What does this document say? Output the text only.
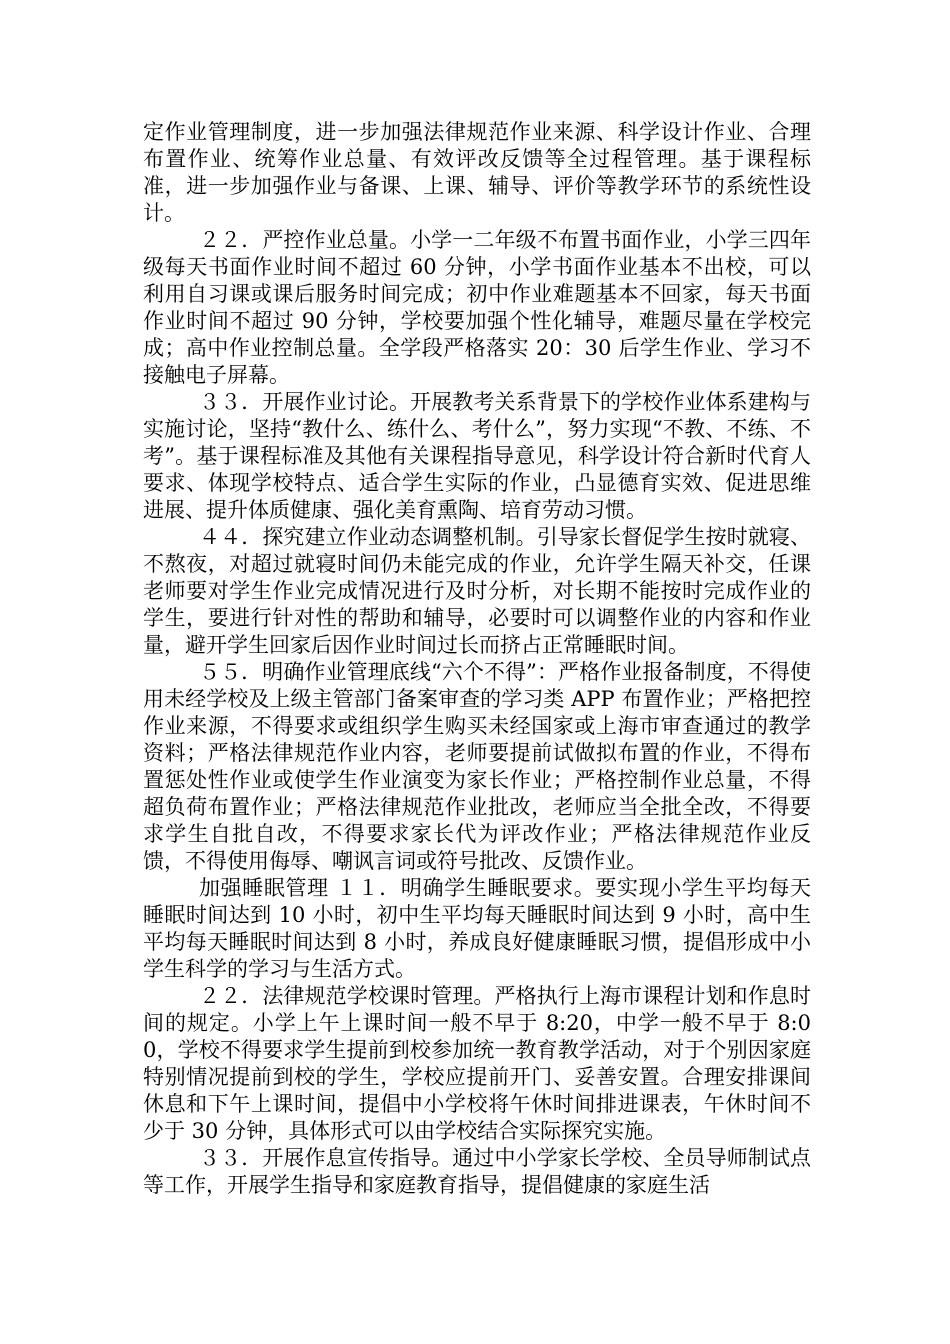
定作业管理制度，进一步加强法律规范作业来源、科学设计作业、合理布置作业、统筹作业总量、有效评改反馈等全过程管理。基于课程标准，进一步加强作业与备课、上课、辅导、评价等教学环节的系统性设计。

２２．严控作业总量。小学一二年级不布置书面作业，小学三四年级每天书面作业时间不超过 60 分钟，小学书面作业基本不出校，可以利用自习课或课后服务时间完成；初中作业难题基本不回家，每天书面作业时间不超过 90 分钟，学校要加强个性化辅导，难题尽量在学校完成；高中作业控制总量。全学段严格落实 20：30 后学生作业、学习不接触电子屏幕。

３３．开展作业讨论。开展教考关系背景下的学校作业体系建构与实施讨论，坚持“教什么、练什么、考什么”，努力实现“不教、不练、不考”。基于课程标准及其他有关课程指导意见，科学设计符合新时代育人要求、体现学校特点、适合学生实际的作业，凸显德育实效、促进思维进展、提升体质健康、强化美育熏陶、培育劳动习惯。

４４．探究建立作业动态调整机制。引导家长督促学生按时就寝、不熬夜，对超过就寝时间仍未能完成的作业，允许学生隔天补交，任课老师要对学生作业完成情况进行及时分析，对长期不能按时完成作业的学生，要进行针对性的帮助和辅导，必要时可以调整作业的内容和作业量，避开学生回家后因作业时间过长而挤占正常睡眠时间。

５５．明确作业管理底线“六个不得”：严格作业报备制度，不得使用未经学校及上级主管部门备案审查的学习类 APP 布置作业；严格把控作业来源，不得要求或组织学生购买未经国家或上海市审查通过的教学资料；严格法律规范作业内容，老师要提前试做拟布置的作业，不得布置惩处性作业或使学生作业演变为家长作业；严格控制作业总量，不得超负荷布置作业；严格法律规范作业批改，老师应当全批全改，不得要求学生自批自改，不得要求家长代为评改作业；严格法律规范作业反馈，不得使用侮辱、嘲讽言词或符号批改、反馈作业。

加强睡眠管理 １１．明确学生睡眠要求。要实现小学生平均每天睡眠时间达到 10 小时，初中生平均每天睡眠时间达到 9 小时，高中生平均每天睡眠时间达到 8 小时，养成良好健康睡眠习惯，提倡形成中小学生科学的学习与生活方式。

２２．法律规范学校课时管理。严格执行上海市课程计划和作息时间的规定。小学上午上课时间一般不早于 8:20，中学一般不早于 8:00，学校不得要求学生提前到校参加统一教育教学活动，对于个别因家庭特别情况提前到校的学生，学校应提前开门、妥善安置。合理安排课间休息和下午上课时间，提倡中小学校将午休时间排进课表，午休时间不少于 30 分钟，具体形式可以由学校结合实际探究实施。

３３．开展作息宣传指导。通过中小学家长学校、全员导师制试点等工作，开展学生指导和家庭教育指导，提倡健康的家庭生活
